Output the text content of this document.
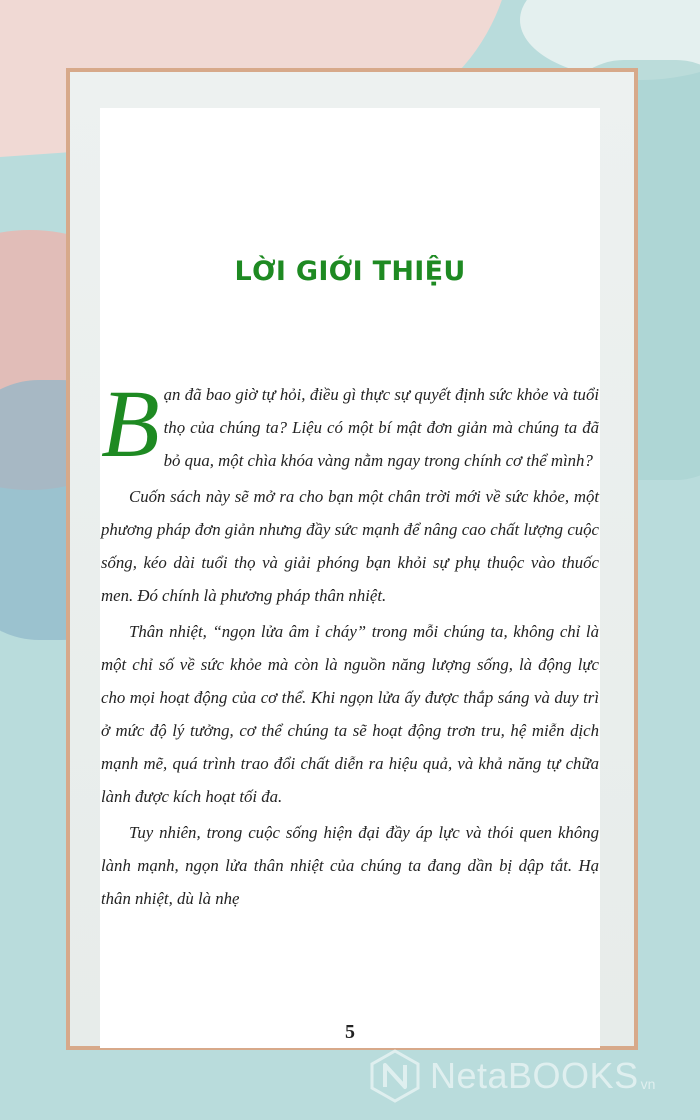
LỜI GIỚI THIỆU

Bạn đã bao giờ tự hỏi, điều gì thực sự quyết định sức khỏe và tuổi thọ của chúng ta? Liệu có một bí mật đơn giản mà chúng ta đã bỏ qua, một chìa khóa vàng nằm ngay trong chính cơ thể mình?

Cuốn sách này sẽ mở ra cho bạn một chân trời mới về sức khỏe, một phương pháp đơn giản nhưng đầy sức mạnh để nâng cao chất lượng cuộc sống, kéo dài tuổi thọ và giải phóng bạn khỏi sự phụ thuộc vào thuốc men. Đó chính là phương pháp thân nhiệt.

Thân nhiệt, “ngọn lửa âm ỉ cháy” trong mỗi chúng ta, không chỉ là một chỉ số về sức khỏe mà còn là nguồn năng lượng sống, là động lực cho mọi hoạt động của cơ thể. Khi ngọn lửa ấy được thắp sáng và duy trì ở mức độ lý tưởng, cơ thể chúng ta sẽ hoạt động trơn tru, hệ miễn dịch mạnh mẽ, quá trình trao đổi chất diễn ra hiệu quả, và khả năng tự chữa lành được kích hoạt tối đa.

Tuy nhiên, trong cuộc sống hiện đại đầy áp lực và thói quen không lành mạnh, ngọn lửa thân nhiệt của chúng ta đang dần bị dập tắt. Hạ thân nhiệt, dù là nhẹ

5
NetaBOOKS vn
